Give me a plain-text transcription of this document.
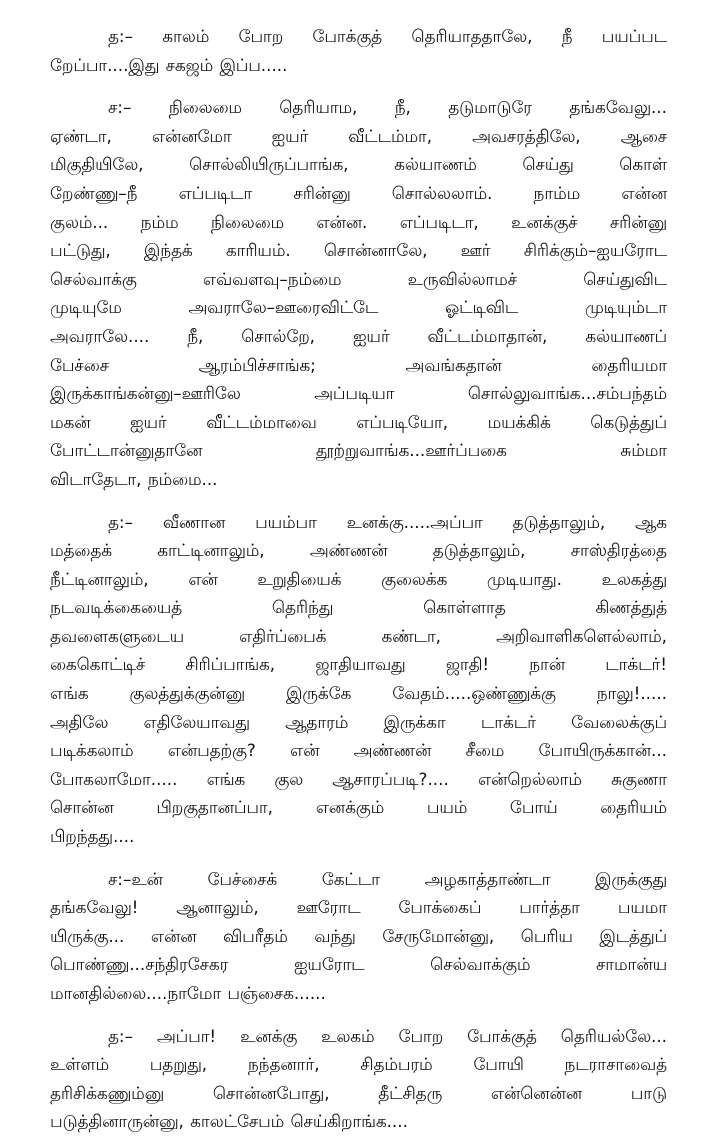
த:– காலம் போற போக்குத் தெரியாததாலே, நீ பயப்பட
றேப்பா....இது சகஜம் இப்ப.....

ச:– நிலைமை தெரியாம, நீ, தடுமாடுரே தங்கவேலு...
ஏண்டா, என்னமோ ஐயர் வீட்டம்மா, அவசரத்திலே, ஆசை
மிகுதியிலே, சொல்லியிருப்பாங்க, கல்யாணம் செய்து கொள்
றேண்ணு–நீ எப்படிடா சரின்னு சொல்லலாம். நாம்ம என்ன
குலம்... நம்ம நிலைமை என்ன. எப்படிடா, உனக்குச் சரின்னு
பட்டுது, இந்தக் காரியம். சொன்னாலே, ஊர் சிரிக்கும்–ஐயரோட
செல்வாக்கு எவ்வளவு–நம்மை உருவில்லாமச் செய்துவிட
முடியுமே அவராலே–ஊரைவிட்டே ஓட்டிவிட முடியும்டா
அவராலே.... நீ, சொல்றே, ஐயர் வீட்டம்மாதான், கல்யாணப்
பேச்சை ஆரம்பிச்சாங்க; அவங்கதான் தைரியமா
இருக்காங்கன்னு–ஊரிலே அப்படியா சொல்லுவாங்க...சம்பந்தம்
மகன் ஐயர் வீட்டம்மாவை எப்படியோ, மயக்கிக் கெடுத்துப்
போட்டான்னுதானே தூற்றுவாங்க...ஊர்ப்பகை சும்மா
விடாதேடா, நம்மை...

த:– வீணான பயம்பா உனக்கு.....அப்பா தடுத்தாலும், ஆக
மத்தைக் காட்டினாலும், அண்ணன் தடுத்தாலும், சாஸ்திரத்தை
நீட்டினாலும், என் உறுதியைக் குலைக்க முடியாது. உலகத்து
நடவடிக்கையைத் தெரிந்து கொள்ளாத கிணத்துத்
தவளைகளுடைய எதிர்ப்பைக் கண்டா, அறிவாளிகளெல்லாம்,
கைகொட்டிச் சிரிப்பாங்க, ஜாதியாவது ஜாதி! நான் டாக்டர்!
எங்க குலத்துக்குன்னு இருக்கே வேதம்.....ஒண்ணுக்கு நாலு!.....
அதிலே எதிலேயாவது ஆதாரம் இருக்கா டாக்டர் வேலைக்குப்
படிக்கலாம் என்பதற்கு? என் அண்ணன் சீமை போயிருக்கான்...
போகலாமோ..... எங்க குல ஆசாரப்படி?.... என்றெல்லாம் சுகுணா
சொன்ன பிறகுதானப்பா, எனக்கும் பயம் போய் தைரியம்
பிறந்தது....

ச:–உன் பேச்சைக் கேட்டா அழகாத்தாண்டா இருக்குது
தங்கவேலு! ஆனாலும், ஊரோட போக்கைப் பார்த்தா பயமா
யிருக்கு... என்ன விபரீதம் வந்து சேருமோன்னு, பெரிய இடத்துப்
பொண்ணு...சந்திரசேகர ஐயரோட செல்வாக்கும் சாமான்ய
மானதில்லை....நாமோ பஞ்சைக......

த:– அப்பா! உனக்கு உலகம் போற போக்குத் தெரியல்லே...
உள்ளம் பதறுது, நந்தனார், சிதம்பரம் போயி நடராசாவைத்
தரிசிக்கணும்னு சொன்னபோது, தீட்சிதரு என்னென்ன பாடு
படுத்தினாருன்னு, காலட்சேபம் செய்கிறாங்க....
